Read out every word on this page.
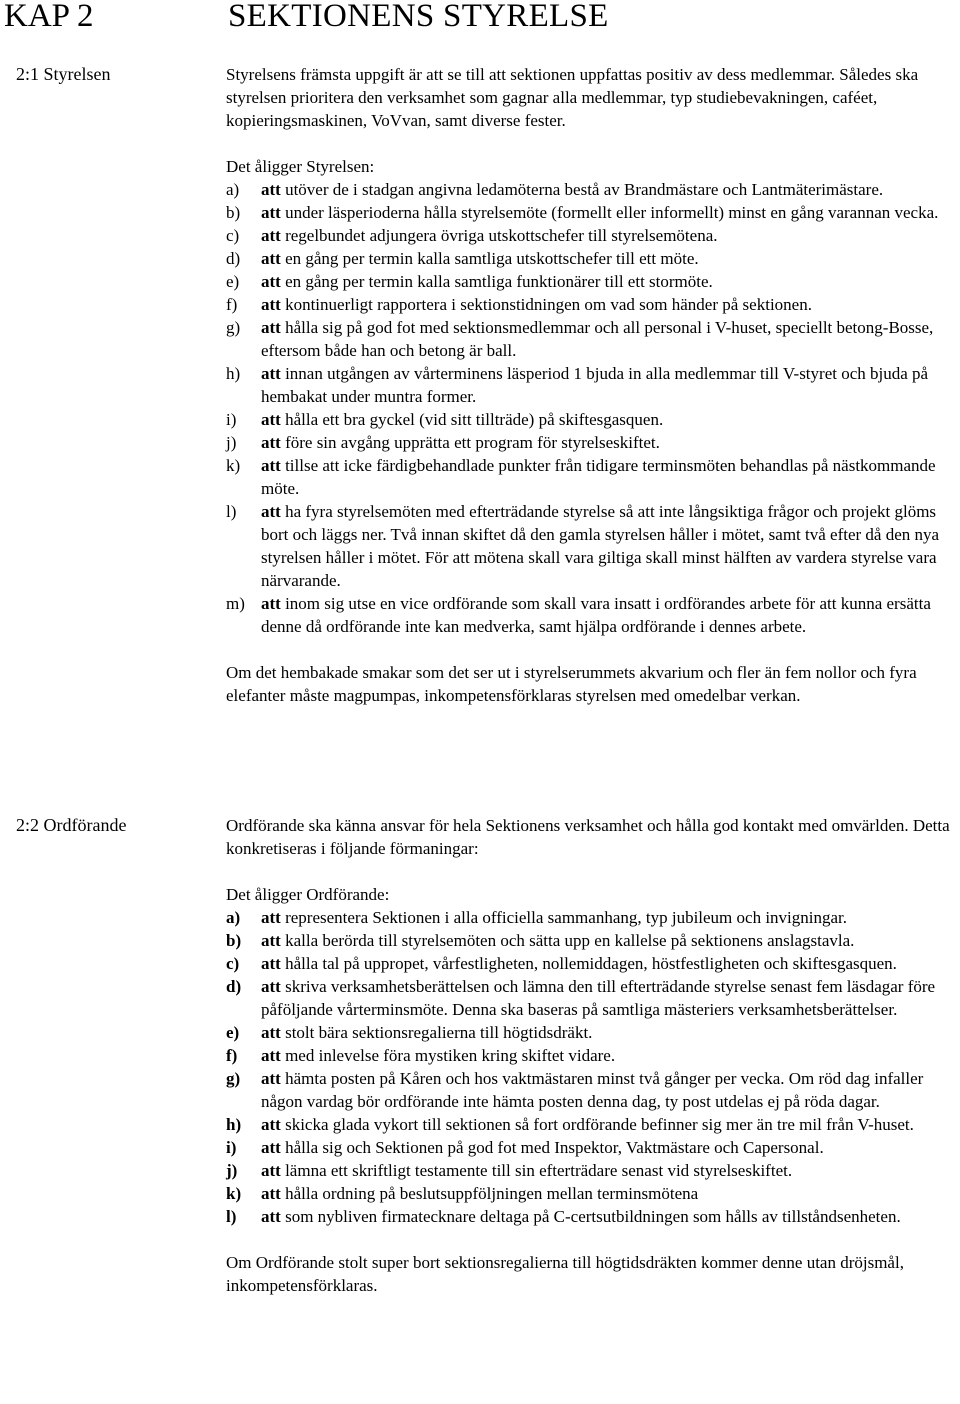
KAP 2	SEKTIONENS STYRELSE
2:1 Styrelsen	Styrelsens främsta uppgift är att se till att sektionen uppfattas positiv av dess medlemmar. Således ska styrelsen prioritera den verksamhet som gagnar alla medlemmar, typ studiebevakningen, caféet, kopieringsmaskinen, VoVvan, samt diverse fester.

Det åligger Styrelsen:

a)	att utöver de i stadgan angivna ledamöterna bestå av Brandmästare och Lantmäterimästare.
b)	att under läsperioderna hålla styrelsemöte (formellt eller informellt) minst en gång varannan vecka.
c)	att regelbundet adjungera övriga utskottschefer till styrelsemötena.
d)	att en gång per termin kalla samtliga utskottschefer till ett möte.
e)	att en gång per termin kalla samtliga funktionärer till ett stormöte.
f)	att kontinuerligt rapportera i sektionstidningen om vad som händer på sektionen.
g)	att hålla sig på god fot med sektionsmedlemmar och all personal i V-huset, speciellt betong-Bosse, eftersom både han och betong är ball.
h)	att innan utgången av vårterminens läsperiod 1 bjuda in alla medlemmar till V-styret och bjuda på hembakat under muntra former.
i)	att hålla ett bra gyckel (vid sitt tillträde) på skiftesgasquen.
j)	att före sin avgång upprätta ett program för styrelseskiftet.
k)	att tillse att icke färdigbehandlade punkter från tidigare terminsmöten behandlas på nästkommande möte.
l)	att ha fyra styrelsemöten med efterträdande styrelse så att inte långsiktiga frågor och projekt glöms bort och läggs ner. Två innan skiftet då den gamla styrelsen håller i mötet, samt två efter då den nya styrelsen håller i mötet. För att mötena skall vara giltiga skall minst hälften av vardera styrelse vara närvarande.
m) att inom sig utse en vice ordförande som skall vara insatt i ordförandes arbete för att kunna ersätta denne då ordförande inte kan medverka, samt hjälpa ordförande i dennes arbete.

Om det hembakade smakar som det ser ut i styrelserummets akvarium och fler än fem nollor och fyra elefanter måste magpumpas, inkompetensförklaras styrelsen med omedelbar verkan.

2:2 Ordförande	Ordförande ska känna ansvar för hela Sektionens verksamhet och hålla god kontakt med omvärlden. Detta konkretiseras i följande förmaningar:

Det åligger Ordförande:

a)	att representera Sektionen i alla officiella sammanhang, typ jubileum och invigningar.
b)	att kalla berörda till styrelsemöten och sätta upp en kallelse på sektionens anslagstavla.
c)	att hålla tal på uppropet, vårfestligheten, nollemiddagen, höstfestligheten och skiftesgasquen.
d)	att skriva verksamhetsberättelsen och lämna den till efterträdande styrelse senast fem läsdagar före påföljande vårterminsmöte. Denna ska baseras på samtliga mästeriers verksamhetsberättelser.
e)	att stolt bära sektionsregalierna till högtidsdräkt.
f)	att med inlevelse föra mystiken kring skiftet vidare.
g)	att hämta posten på Kåren och hos vaktmästaren minst två gånger per vecka. Om röd dag infaller någon vardag bör ordförande inte hämta posten denna dag, ty post utdelas ej på röda dagar.
h)	att skicka glada vykort till sektionen så fort ordförande befinner sig mer än tre mil från V-huset.
i)	att hålla sig och Sektionen på god fot med Inspektor, Vaktmästare och Capersonal.
j)	att lämna ett skriftligt testamente till sin efterträdare senast vid styrelseskiftet.
k)	att hålla ordning på beslutsuppföljningen mellan terminsmötena
l)	att som nybliven firmatecknare deltaga på C-certsutbildningen som hålls av tillståndsenheten.

Om Ordförande stolt super bort sektionsregalierna till högtidsdräkten kommer denne utan dröjsmål, inkompetensförklaras.
